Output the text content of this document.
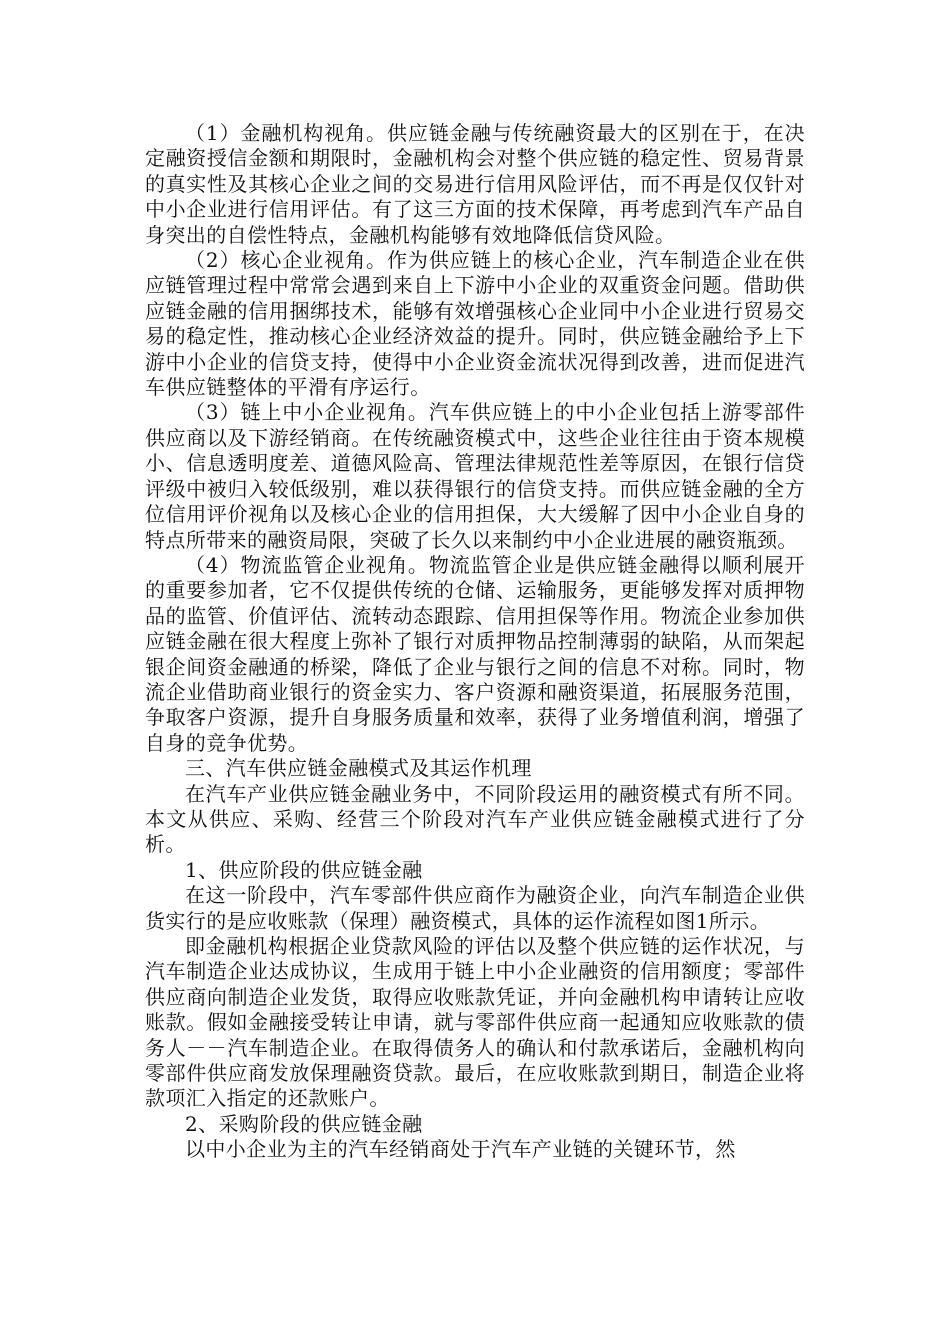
（1）金融机构视角。供应链金融与传统融资最大的区别在于，在决定融资授信金额和期限时，金融机构会对整个供应链的稳定性、贸易背景的真实性及其核心企业之间的交易进行信用风险评估，而不再是仅仅针对中小企业进行信用评估。有了这三方面的技术保障，再考虑到汽车产品自身突出的自偿性特点，金融机构能够有效地降低信贷风险。

（2）核心企业视角。作为供应链上的核心企业，汽车制造企业在供应链管理过程中常常会遇到来自上下游中小企业的双重资金问题。借助供应链金融的信用捆绑技术，能够有效增强核心企业同中小企业进行贸易交易的稳定性，推动核心企业经济效益的提升。同时，供应链金融给予上下游中小企业的信贷支持，使得中小企业资金流状况得到改善，进而促进汽车供应链整体的平滑有序运行。

（3）链上中小企业视角。汽车供应链上的中小企业包括上游零部件供应商以及下游经销商。在传统融资模式中，这些企业往往由于资本规模小、信息透明度差、道德风险高、管理法律规范性差等原因，在银行信贷评级中被归入较低级别，难以获得银行的信贷支持。而供应链金融的全方位信用评价视角以及核心企业的信用担保，大大缓解了因中小企业自身的特点所带来的融资局限，突破了长久以来制约中小企业进展的融资瓶颈。

（4）物流监管企业视角。物流监管企业是供应链金融得以顺利展开的重要参加者，它不仅提供传统的仓储、运输服务，更能够发挥对质押物品的监管、价值评估、流转动态跟踪、信用担保等作用。物流企业参加供应链金融在很大程度上弥补了银行对质押物品控制薄弱的缺陷，从而架起银企间资金融通的桥梁，降低了企业与银行之间的信息不对称。同时，物流企业借助商业银行的资金实力、客户资源和融资渠道，拓展服务范围，争取客户资源，提升自身服务质量和效率，获得了业务增值利润，增强了自身的竞争优势。

三、汽车供应链金融模式及其运作机理

在汽车产业供应链金融业务中，不同阶段运用的融资模式有所不同。本文从供应、采购、经营三个阶段对汽车产业供应链金融模式进行了分析。

1、供应阶段的供应链金融

在这一阶段中，汽车零部件供应商作为融资企业，向汽车制造企业供货实行的是应收账款（保理）融资模式，具体的运作流程如图1所示。

即金融机构根据企业贷款风险的评估以及整个供应链的运作状况，与汽车制造企业达成协议，生成用于链上中小企业融资的信用额度；零部件供应商向制造企业发货，取得应收账款凭证，并向金融机构申请转让应收账款。假如金融接受转让申请，就与零部件供应商一起通知应收账款的债务人－－汽车制造企业。在取得债务人的确认和付款承诺后，金融机构向零部件供应商发放保理融资贷款。最后，在应收账款到期日，制造企业将款项汇入指定的还款账户。

2、采购阶段的供应链金融

以中小企业为主的汽车经销商处于汽车产业链的关键环节，然
